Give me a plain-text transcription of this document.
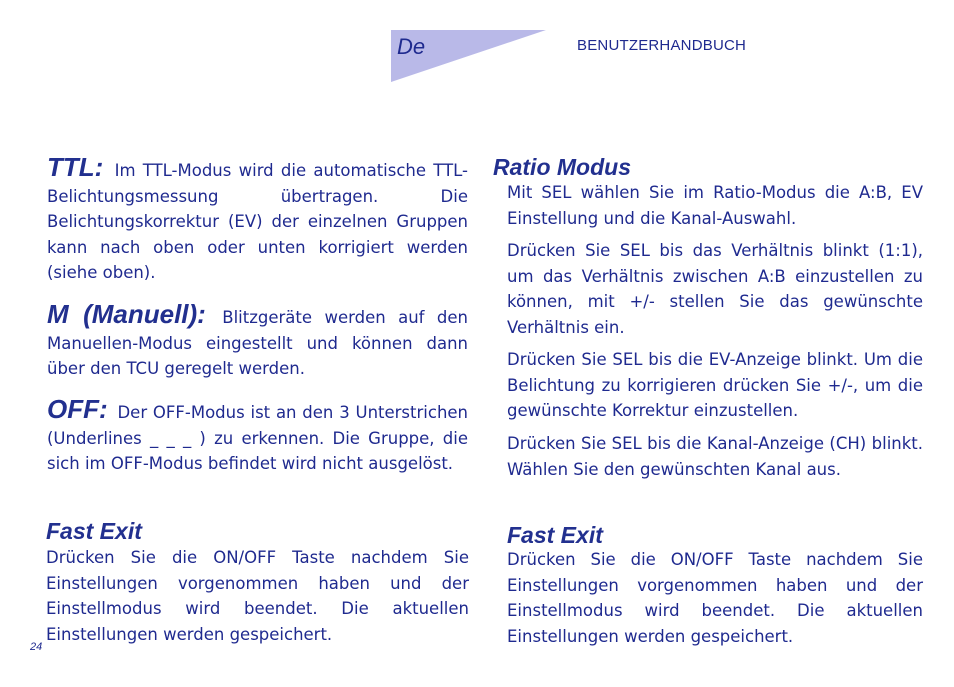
De	BENUTZERHANDBUCH

TTL: Im TTL-Modus wird die automatische TTL-Belichtungsmessung übertragen. Die Belichtungskorrektur (EV) der einzelnen Gruppen kann nach oben oder unten korrigiert werden (siehe oben).

M (Manuell): Blitzgeräte werden auf den Manuellen-Modus eingestellt und können dann über den TCU geregelt werden.

OFF: Der OFF-Modus ist an den 3 Unterstrichen (Underlines _ _ _ ) zu erkennen. Die Gruppe, die sich im OFF-Modus befindet wird nicht ausgelöst.

Fast Exit

Drücken Sie die ON/OFF Taste nachdem Sie Einstellungen vorgenommen haben und der Einstellmodus wird beendet. Die aktuellen Einstellungen werden gespeichert.

Ratio Modus

Mit SEL wählen Sie im Ratio-Modus die A:B, EV Einstellung und die Kanal-Auswahl.

Drücken Sie SEL bis das Verhältnis blinkt (1:1), um das Verhältnis zwischen A:B einzustellen zu können, mit +/- stellen Sie das gewünschte Verhältnis ein.

Drücken Sie SEL bis die EV-Anzeige blinkt. Um die Belichtung zu korrigieren drücken Sie +/-, um die gewünschte Korrektur einzustellen.

Drücken Sie SEL bis die Kanal-Anzeige (CH) blinkt. Wählen Sie den gewünschten Kanal aus.

Fast Exit

Drücken Sie die ON/OFF Taste nachdem Sie Einstellungen vorgenommen haben und der Einstellmodus wird beendet. Die aktuellen Einstellungen werden gespeichert.

24
